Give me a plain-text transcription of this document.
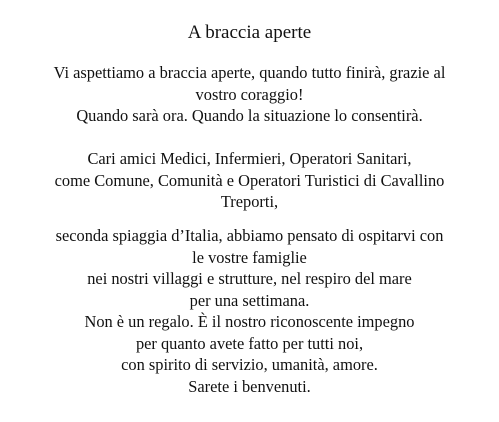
A braccia aperte

Vi aspettiamo a braccia aperte, quando tutto finirà, grazie al
vostro coraggio!
Quando sarà ora. Quando la situazione lo consentirà.

Cari amici Medici, Infermieri, Operatori Sanitari,
come Comune, Comunità e Operatori Turistici di Cavallino
Treporti,

seconda spiaggia d’Italia, abbiamo pensato di ospitarvi con
le vostre famiglie
nei nostri villaggi e strutture, nel respiro del mare
per una settimana.
Non è un regalo. È il nostro riconoscente impegno
per quanto avete fatto per tutti noi,
con spirito di servizio, umanità, amore.
Sarete i benvenuti.
